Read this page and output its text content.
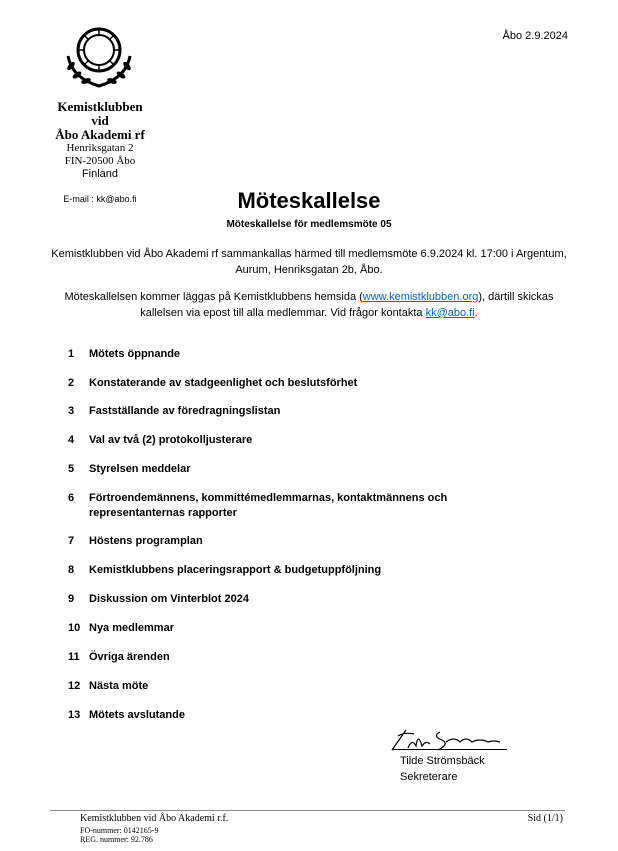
Åbo 2.9.2024
Kemistklubben
vid
Åbo Akademi rf
Henriksgatan 2
FIN-20500 Åbo
Finland
E-mail : kk@abo.fi	Möteskallelse
Möteskallelse för medlemsmöte 05
Kemistklubben vid Åbo Akademi rf sammankallas härmed till medlemsmöte 6.9.2024 kl. 17:00 i Argentum, Aurum, Henriksgatan 2b, Åbo.
Möteskallelsen kommer läggas på Kemistklubbens hemsida (www.kemistklubben.org), därtill skickas kallelsen via epost till alla medlemmar. Vid frågor kontakta kk@abo.fi.
1	Mötets öppnande
2	Konstaterande av stadgeenlighet och beslutsförhet
3	Fastställande av föredragningslistan
4	Val av två (2) protokolljusterare
5	Styrelsen meddelar
6	Förtroendemännens, kommittémedlemmarnas, kontaktmännens och representanternas rapporter
7	Höstens programplan
8	Kemistklubbens placeringsrapport & budgetuppföljning
9	Diskussion om Vinterblot 2024
10 Nya medlemmar
11 Övriga ärenden
12 Nästa möte
13 Mötets avslutande
Tilde Strömsbäck
Sekreterare
Kemistklubben vid Åbo Akademi r.f.
FO-nummer: 0142165-9
REG. nummer: 92.786
Sid (1/1)
